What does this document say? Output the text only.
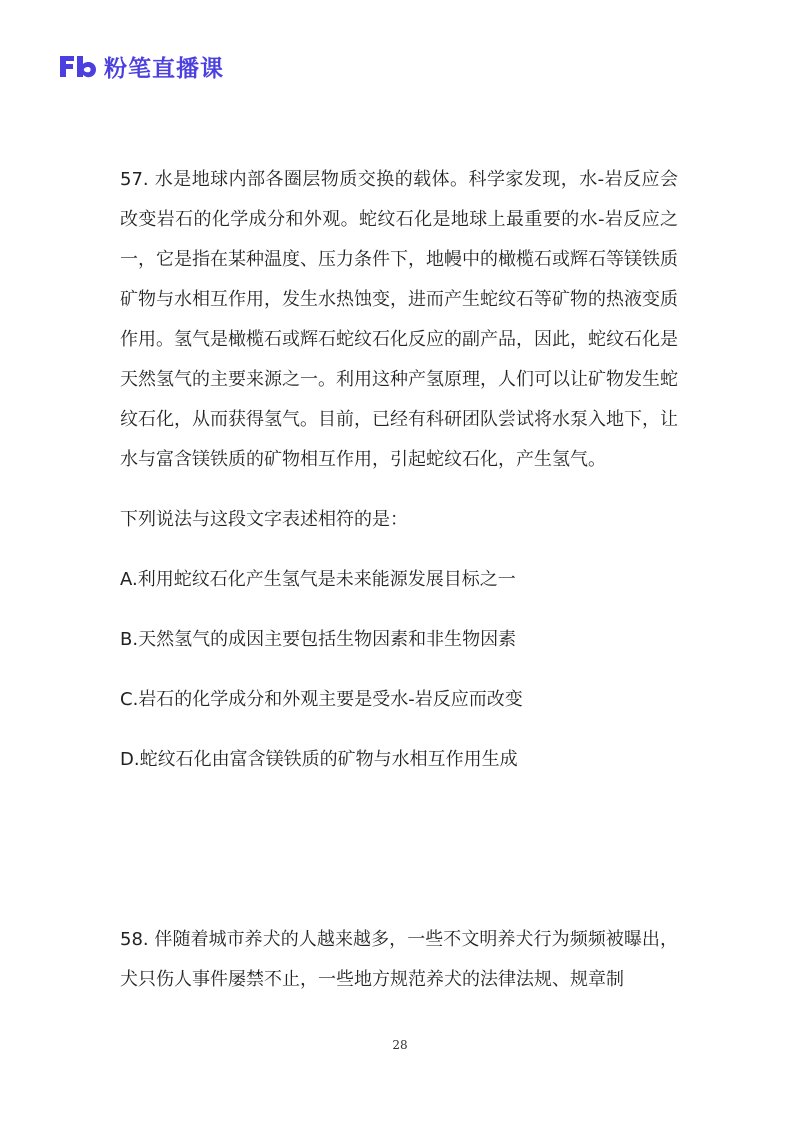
粉笔直播课

57. 水是地球内部各圈层物质交换的载体。科学家发现，水-岩反应会改变岩石的化学成分和外观。蛇纹石化是地球上最重要的水-岩反应之一，它是指在某种温度、压力条件下，地幔中的橄榄石或辉石等镁铁质矿物与水相互作用，发生水热蚀变，进而产生蛇纹石等矿物的热液变质作用。氢气是橄榄石或辉石蛇纹石化反应的副产品，因此，蛇纹石化是天然氢气的主要来源之一。利用这种产氢原理，人们可以让矿物发生蛇纹石化，从而获得氢气。目前，已经有科研团队尝试将水泵入地下，让水与富含镁铁质的矿物相互作用，引起蛇纹石化，产生氢气。

下列说法与这段文字表述相符的是：

A.利用蛇纹石化产生氢气是未来能源发展目标之一

B.天然氢气的成因主要包括生物因素和非生物因素

C.岩石的化学成分和外观主要是受水-岩反应而改变

D.蛇纹石化由富含镁铁质的矿物与水相互作用生成

58. 伴随着城市养犬的人越来越多，一些不文明养犬行为频频被曝出，犬只伤人事件屡禁不止，一些地方规范养犬的法律法规、规章制

28
